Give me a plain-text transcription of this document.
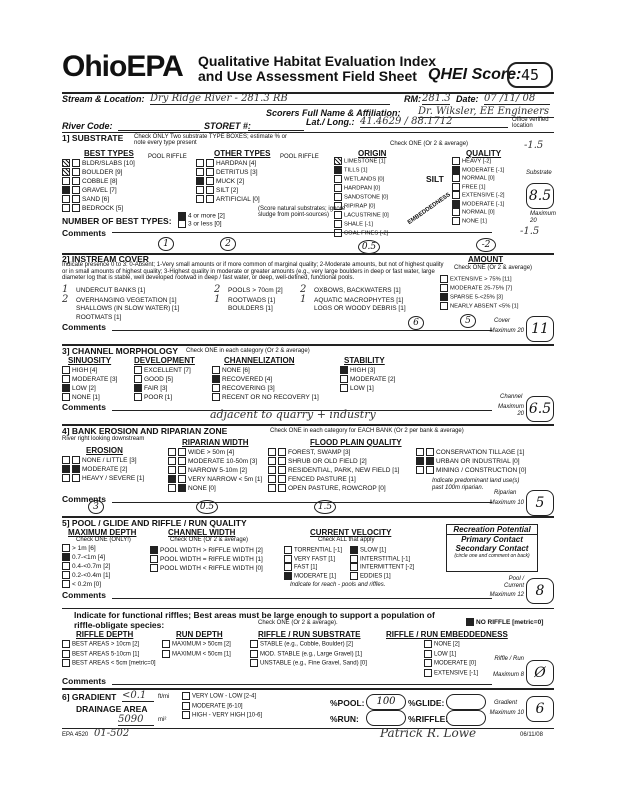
OhioEPA Qualitative Habitat Evaluation Index
and Use Assessment Field Sheet QHEI Score: 45
Stream & Location: Dry Ridge River - 281.3 RB	RM: 281.3 Date: 07 /11/ 08
Scorers Full Name & Affiliation: Dr. Wiksler, EE Engineers
River Code:	STORET #:	Lat./ Long.: 41.4629 / 88.1712	Office verified location
1] SUBSTRATE Check ONLY Two substrate TYPE BOXES; estimate % or note every type present	Check ONE (Or 2 & average)	-1.5
BEST TYPES POOL RIFFLE	OTHER TYPES POOL RIFFLE	ORIGIN	QUALITY
BLDR/SLABS [10]
BOULDER [9]
COBBLE [8]
GRAVEL [7]
SAND [6]
BEDROCK [5]
HARDPAN [4]
DETRITUS [3]
MUCK [2]
SILT [2]
ARTIFICIAL [0]
LIMESTONE [1]
TILLS [1]
WETLANDS [0]
HARDPAN [0]
SANDSTONE [0]
RIP/RAP [0]
LACUSTRINE [0]
SHALE [-1]
COAL FINES [-2]
SILT
HEAVY [-2]
MODERATE [-1]
NORMAL [0]
FREE [1]
EXTENSIVE [-2]
MODERATE [-1]
NORMAL [0]
NONE [1]
EMBEDDEDNESS
(Score natural substrates; ignore sludge from point-sources)
NUMBER OF BEST TYPES:	4 or more [2]
3 or less [0]
Comments
1	2	0.5	-2
Substrate
8.5
Maximum 20
-1.5
2] INSTREAM COVER
Indicate presence 0 to 3: 0-Absent; 1-Very small amounts or if more common of marginal quality; 2-Moderate amounts, but not of highest quality or in small amounts of highest quality; 3-Highest quality in moderate or greater amounts (e.g., very large boulders in deep or fast water, large diameter log that is stable, well developed rootwad in deep / fast water, or deep, well-defined, functional pools.
AMOUNT
Check ONE (Or 2 & average)
1 UNDERCUT BANKS [1]
2 OVERHANGING VEGETATION [1]
SHALLOWS (IN SLOW WATER) [1]
ROOTMATS [1]
2 POOLS > 70cm [2]
1 ROOTWADS [1]
BOULDERS [1]
2 OXBOWS, BACKWATERS [1]
1 AQUATIC MACROPHYTES [1]
LOGS OR WOODY DEBRIS [1]
EXTENSIVE > 75% [11]
MODERATE 25-75% [7]
SPARSE 5-<25% [3]
NEARLY ABSENT <5% [1]
Comments	6	5	11
Cover
Maximum 20
3] CHANNEL MORPHOLOGY Check ONE in each category (Or 2 & average)
SINUOSITY	DEVELOPMENT	CHANNELIZATION	STABILITY
HIGH [4]
MODERATE [3]
LOW [2]
NONE [1]
EXCELLENT [7]
GOOD [5]
FAIR [3]
POOR [1]
NONE [6]
RECOVERED [4]
RECOVERING [3]
RECENT OR NO RECOVERY [1]
HIGH [3]
MODERATE [2]
LOW [1]
Comments
adjacent to quarry + industry
Channel
Maximum 20 6.5
4] BANK EROSION AND RIPARIAN ZONE	Check ONE in each category for EACH BANK (Or 2 per bank & average)
River right looking downstream	RIPARIAN WIDTH	FLOOD PLAIN QUALITY
EROSION
NONE / LITTLE [3]
MODERATE [2]
HEAVY / SEVERE [1]
WIDE > 50m [4]
MODERATE 10-50m [3]
NARROW 5-10m [2]
VERY NARROW < 5m [1]
NONE [0]
FOREST, SWAMP [3]
SHRUB OR OLD FIELD [2]
RESIDENTIAL, PARK, NEW FIELD [1]
FENCED PASTURE [1]
OPEN PASTURE, ROWCROP [0]
CONSERVATION TILLAGE [1]
URBAN OR INDUSTRIAL [0]
MINING / CONSTRUCTION [0]
Indicate predominant land use(s) past 100m riparian.
Comments
3	0.5	1.5
Riparian
Maximum 10 5
5] POOL / GLIDE AND RIFFLE / RUN QUALITY
MAXIMUM DEPTH
Check ONE (ONLY!)
CHANNEL WIDTH
Check ONE (Or 2 & average)
CURRENT VELOCITY
Check ALL that apply
> 1m [6]
0.7-<1m [4]
0.4-<0.7m [2]
0.2-<0.4m [1]
< 0.2m [0]
POOL WIDTH > RIFFLE WIDTH [2]
POOL WIDTH = RIFFLE WIDTH [1]
POOL WIDTH < RIFFLE WIDTH [0]
TORRENTIAL [-1]
VERY FAST [1]
FAST [1]
MODERATE [1]
SLOW [1]
INTERSTITIAL [-1]
INTERMITTENT [-2]
EDDIES [1]
Indicate for reach - pools and riffles.
Recreation Potential
Primary Contact
Secondary Contact
(circle one and comment on back)
Comments
Pool / Current
Maximum 12 8
Indicate for functional riffles; Best areas must be large enough to support a population of riffle-obligate species:	Check ONE (Or 2 & average).	NO RIFFLE [metric=0]
RIFFLE DEPTH	RUN DEPTH	RIFFLE / RUN SUBSTRATE	RIFFLE / RUN EMBEDDEDNESS
BEST AREAS > 10cm [2]
BEST AREAS 5-10cm [1]
BEST AREAS < 5cm [metric=0]
MAXIMUM > 50cm [2]
MAXIMUM < 50cm [1]
STABLE (e.g., Cobble, Boulder) [2]
MOD. STABLE (e.g., Large Gravel) [1]
UNSTABLE (e.g., Fine Gravel, Sand) [0]
NONE [2]
LOW [1]
MODERATE [0]
EXTENSIVE [-1]
Comments
Riffle / Run
Maximum 8 Ø
6] GRADIENT <0.1	ft/mi
DRAINAGE AREA
5090	mi²
VERY LOW - LOW [2-4]
MODERATE [6-10]
HIGH - VERY HIGH [10-6]
%POOL:	100	%GLIDE:
%RUN:	%RIFFLE:
Gradient
Maximum 10 6
EPA 4520 01-502	Patrick R. Lowe	06/11/08
